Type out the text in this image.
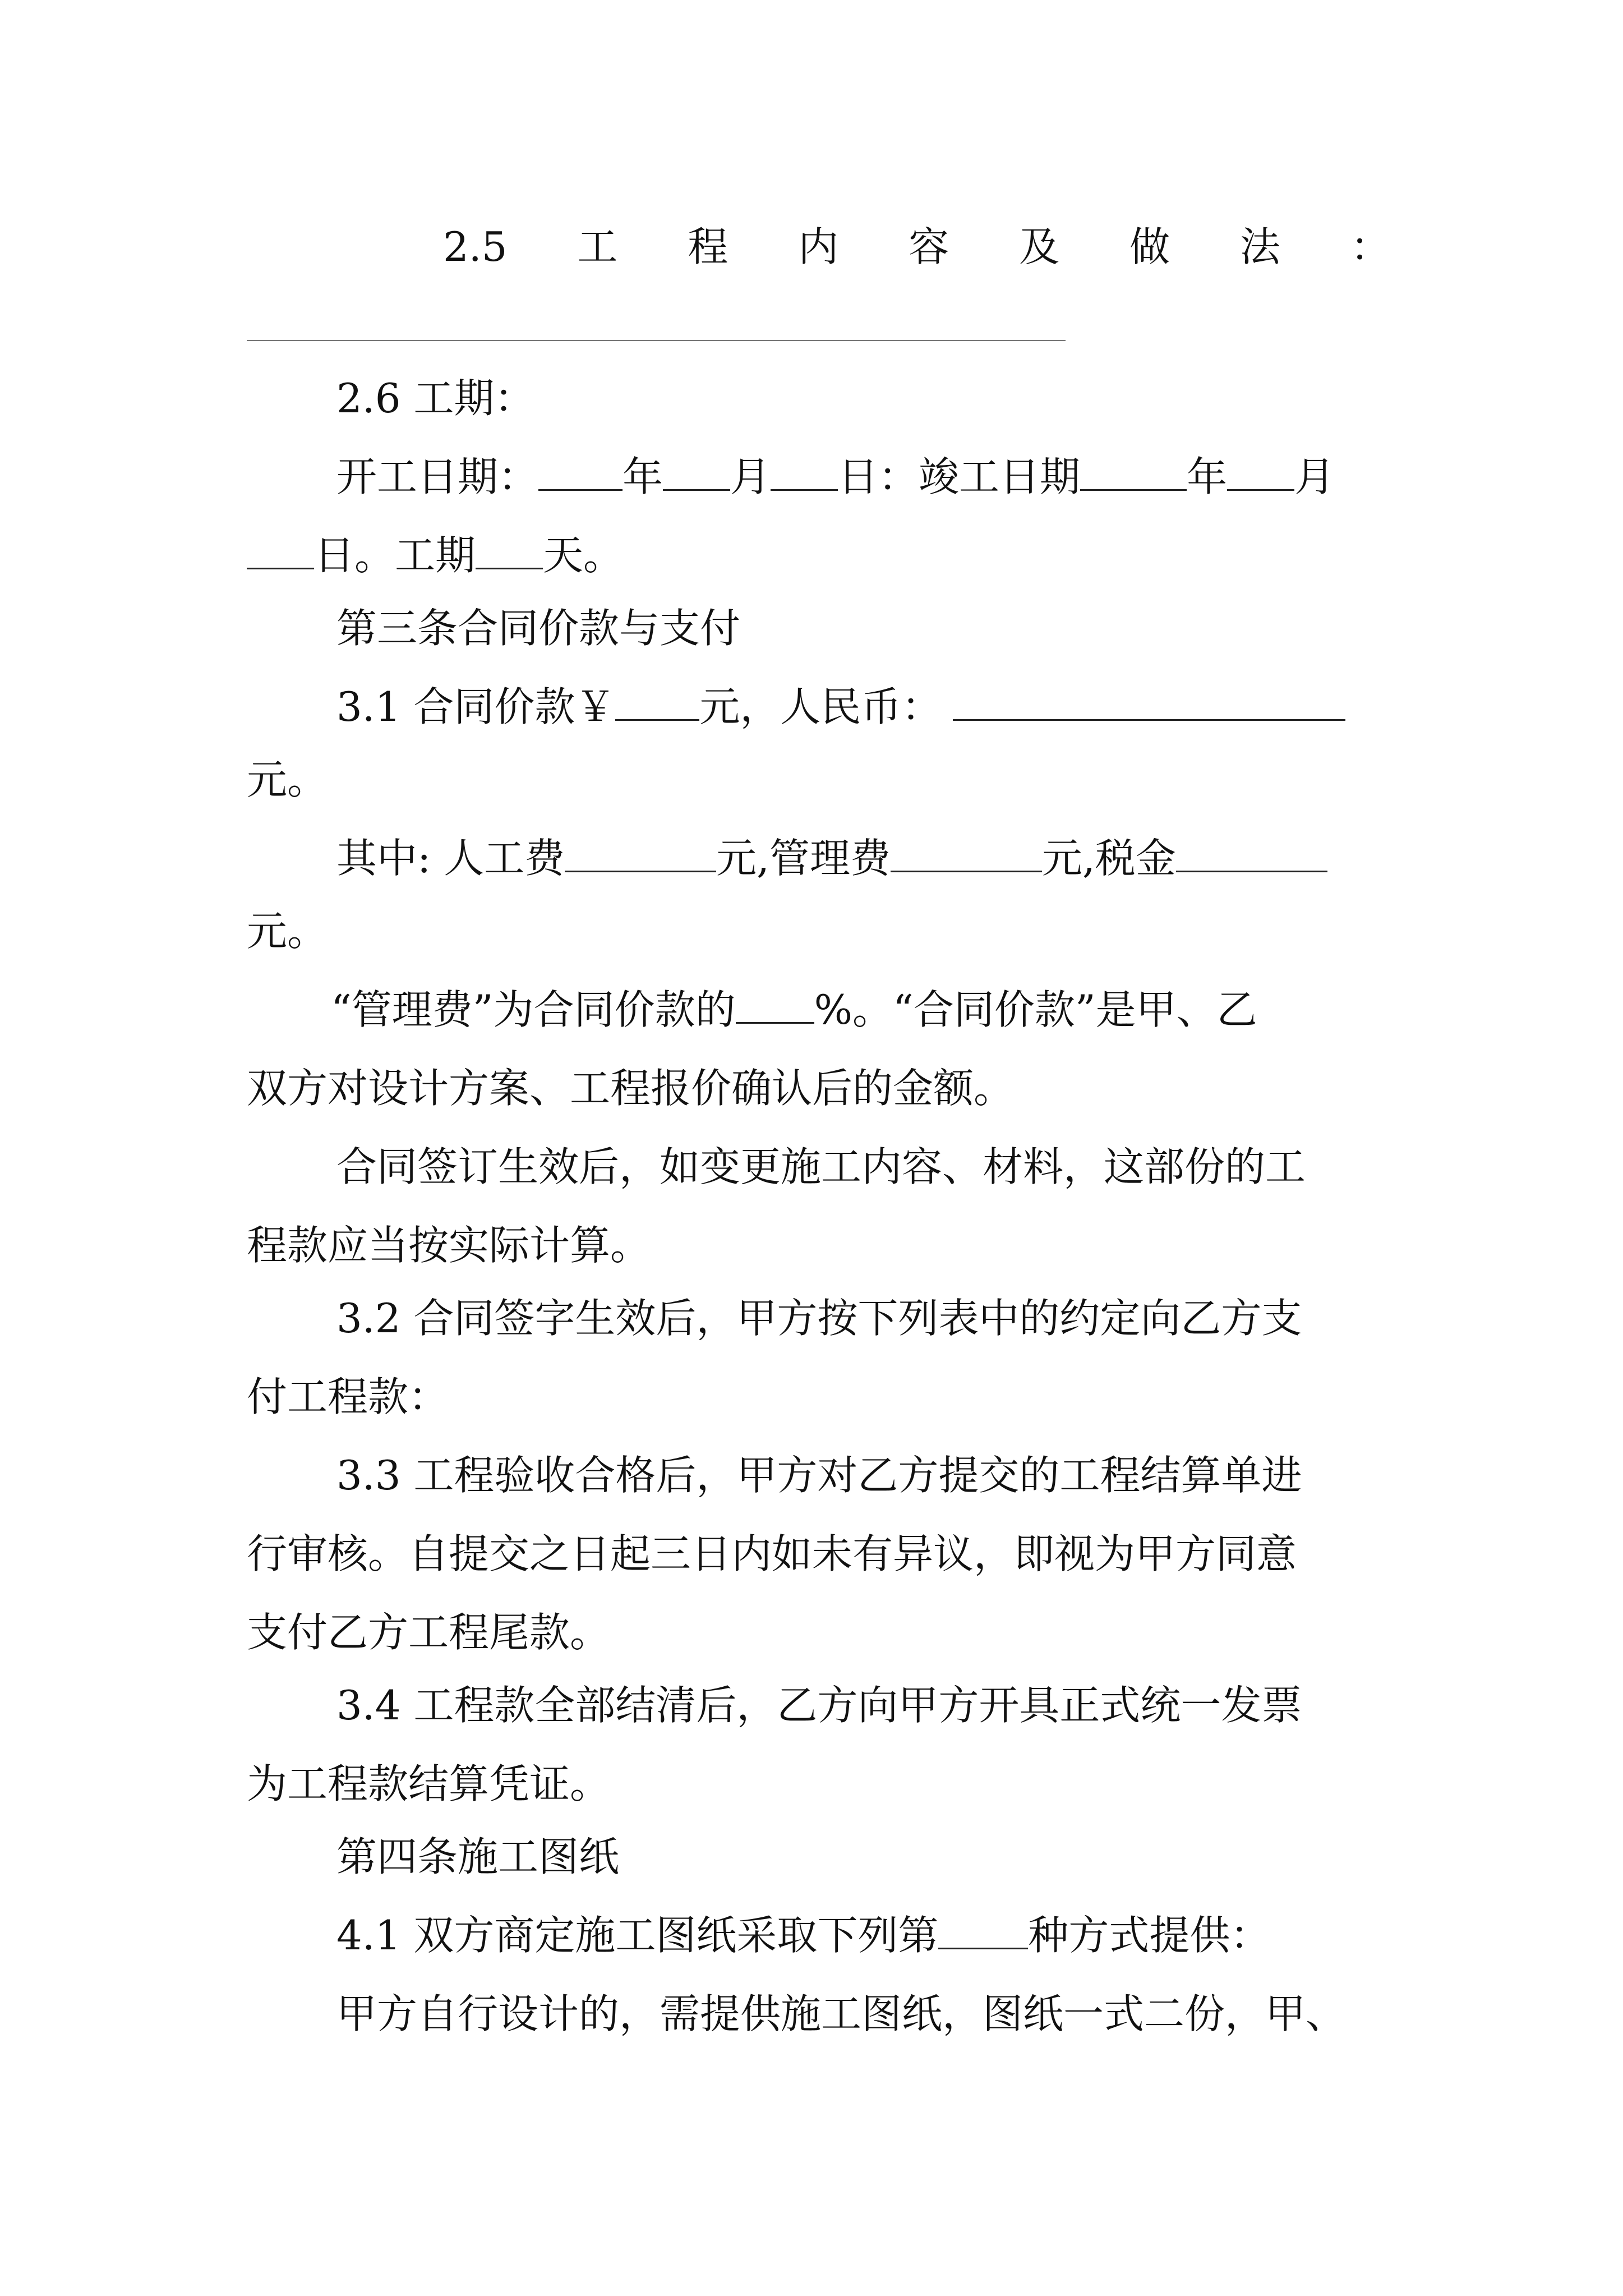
2.5 工 程 内 容 及 做 法 ：
2.6 工期：
开工日期： 年 月 日：竣工日期	年 月
日。工期 天。
第三条合同价款与支付
3.1 合同价款￥ 元，人民币：
元。
其中: 人工费	元,管理费	元,税金
元。
“管理费”为合同价款的 %。“合同价款”是甲、乙
双方对设计方案、工程报价确认后的金额。
合同签订生效后，如变更施工内容、材料，这部份的工
程款应当按实际计算。
3.2 合同签字生效后，甲方按下列表中的约定向乙方支
付工程款：
3.3 工程验收合格后，甲方对乙方提交的工程结算单进
行审核。自提交之日起三日内如未有异议，即视为甲方同意
支付乙方工程尾款。
3.4 工程款全部结清后，乙方向甲方开具正式统一发票
为工程款结算凭证。
第四条施工图纸
4.1 双方商定施工图纸采取下列第 种方式提供：
甲方自行设计的，需提供施工图纸，图纸一式二份，甲、
